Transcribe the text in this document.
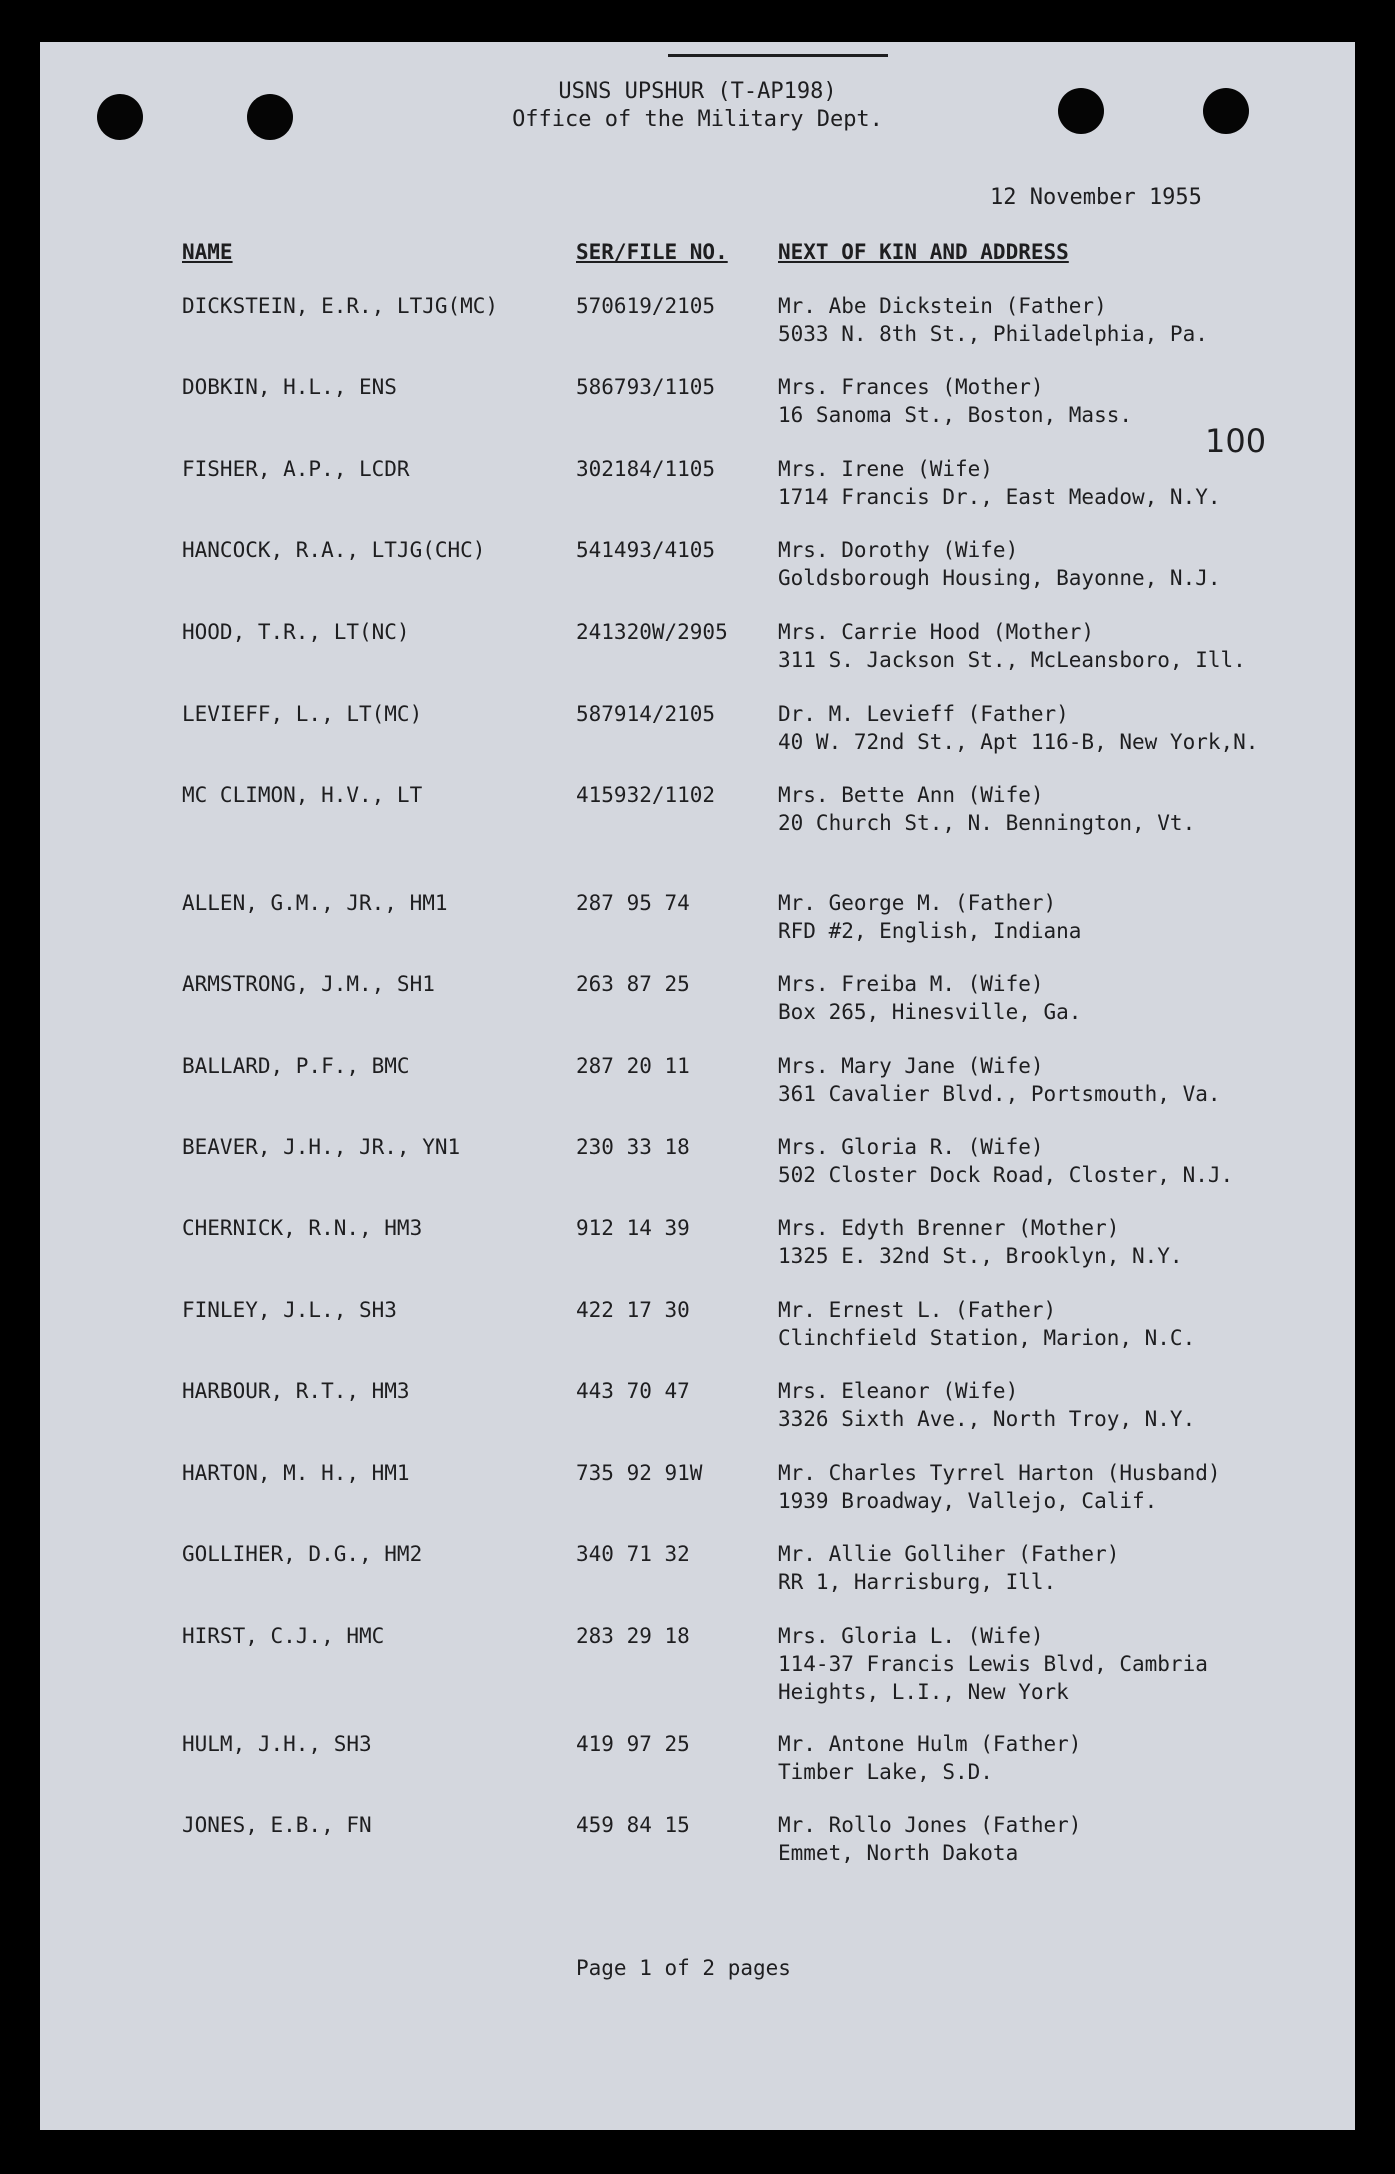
USNS UPSHUR (T-AP198)
Office of the Military Dept.
12 November 1955
100
NAME	SER/FILE NO. NEXT OF KIN AND ADDRESS
DICKSTEIN, E.R., LTJG(MC)	570619/2105	Mr. Abe Dickstein (Father)
5033 N. 8th St., Philadelphia, Pa.
DOBKIN, H.L., ENS	586793/1105	Mrs. Frances (Mother)
16 Sanoma St., Boston, Mass.
FISHER, A.P., LCDR	302184/1105	Mrs. Irene (Wife)
1714 Francis Dr., East Meadow, N.Y.
HANCOCK, R.A., LTJG(CHC)	541493/4105	Mrs. Dorothy (Wife)
Goldsborough Housing, Bayonne, N.J.
HOOD, T.R., LT(NC)	241320W/2905 Mrs. Carrie Hood (Mother)
311 S. Jackson St., McLeansboro, Ill.
LEVIEFF, L., LT(MC)	587914/2105	Dr. M. Levieff (Father)
40 W. 72nd St., Apt 116-B, New York,N.
MC CLIMON, H.V., LT	415932/1102	Mrs. Bette Ann (Wife)
20 Church St., N. Bennington, Vt.
ALLEN, G.M., JR., HM1	287 95 74	Mr. George M. (Father)
RFD #2, English, Indiana
ARMSTRONG, J.M., SH1	263 87 25	Mrs. Freiba M. (Wife)
Box 265, Hinesville, Ga.
BALLARD, P.F., BMC	287 20 11	Mrs. Mary Jane (Wife)
361 Cavalier Blvd., Portsmouth, Va.
BEAVER, J.H., JR., YN1	230 33 18	Mrs. Gloria R. (Wife)
502 Closter Dock Road, Closter, N.J.
CHERNICK, R.N., HM3	912 14 39	Mrs. Edyth Brenner (Mother)
1325 E. 32nd St., Brooklyn, N.Y.
FINLEY, J.L., SH3	422 17 30	Mr. Ernest L. (Father)
Clinchfield Station, Marion, N.C.
HARBOUR, R.T., HM3	443 70 47	Mrs. Eleanor (Wife)
3326 Sixth Ave., North Troy, N.Y.
HARTON, M. H., HM1	735 92 91W	Mr. Charles Tyrrel Harton (Husband)
1939 Broadway, Vallejo, Calif.
GOLLIHER, D.G., HM2	340 71 32	Mr. Allie Golliher (Father)
RR 1, Harrisburg, Ill.
HIRST, C.J., HMC	283 29 18	Mrs. Gloria L. (Wife)
114-37 Francis Lewis Blvd, Cambria
Heights, L.I., New York
HULM, J.H., SH3	419 97 25	Mr. Antone Hulm (Father)
Timber Lake, S.D.
JONES, E.B., FN	459 84 15	Mr. Rollo Jones (Father)
Emmet, North Dakota
Page 1 of 2 pages
